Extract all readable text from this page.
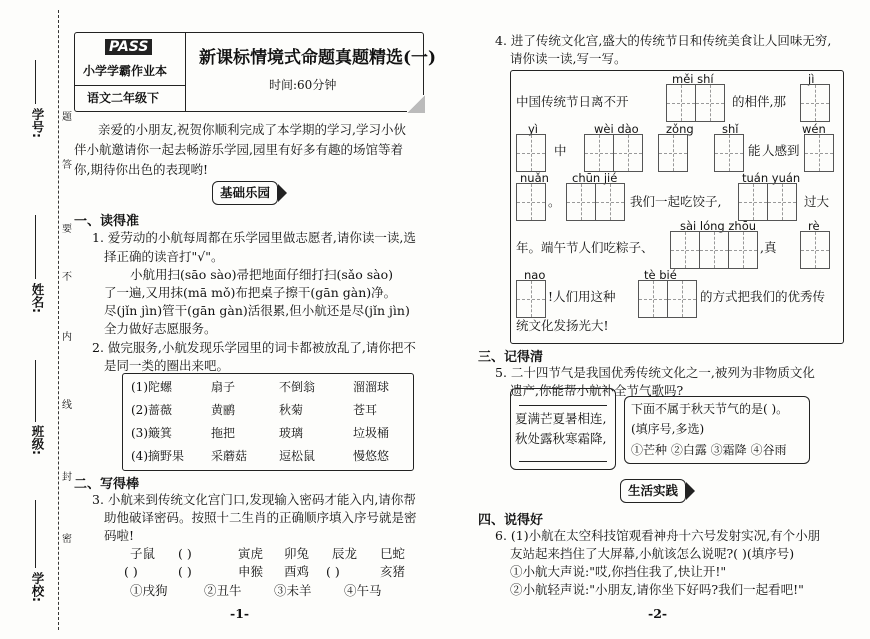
学号:
姓名:
班级:
学校:
题
答
要
不
内
线
封
密
PASS
小学学霸作业本
语文二年级下
新课标情境式命题真题精选(一)
时间:60分钟
亲爱的小朋友,祝贺你顺利完成了本学期的学习,学习小伙
伴小航邀请你一起去畅游乐学园,园里有好多有趣的场馆等着
你,期待你出色的表现哟!
基础乐园
一、读得准
1. 爱劳动的小航每周都在乐学园里做志愿者,请你读一读,选
择正确的读音打"√"。
小航用扫(sāo sào)帚把地面仔细打扫(sǎo sào)
了一遍,又用抹(mā mǒ)布把桌子擦干(gān gàn)净。
尽(jǐn jìn)管干(gān gàn)活很累,但小航还是尽(jǐn jìn)
全力做好志愿服务。
2. 做完服务,小航发现乐学园里的词卡都被放乱了,请你把不
是同一类的圈出来吧。
(1)陀螺	扇子	不倒翁	溜溜球
(2)蔷薇	黄鹂	秋菊	苍耳
(3)簸箕	拖把	玻璃	垃圾桶
(4)摘野果	采蘑菇	逗松鼠	慢悠悠
二、写得棒
3. 小航来到传统文化宫门口,发现输入密码才能入内,请你帮
助他破译密码。按照十二生肖的正确顺序填入序号就是密
码啦!
子鼠 ( )	寅虎 卯兔 辰龙 巳蛇
( )	( )	申猴 酉鸡 ( )	亥猪
①戌狗	②丑牛	③未羊	④午马
-1-
4. 进了传统文化宫,盛大的传统节日和传统美食让人回味无穷,
请你读一读,写一写。
měi shí	jì
中国传统节日离不开	的相伴,那
yì	wèi dào zǒng shǐ	wén
中	能 人感到
nuǎn chūn jié	tuán yuán
。	我们一起吃饺子,	过大
sài lóng zhōu	rè
年。端午节人们吃粽子、	,真
nao	tè bié
!人们用这种	的方式把我们的优秀传
统文化发扬光大!
三、记得清
5. 二十四节气是我国优秀传统文化之一,被列为非物质文化
遗产,你能帮小航补全节气歌吗?
夏满芒夏暑相连,
秋处露秋寒霜降,
下面不属于秋天节气的是( )。
(填序号,多选)
①芒种 ②白露 ③霜降 ④谷雨
生活实践
四、说得好
6. (1)小航在太空科技馆观看神舟十六号发射实况,有个小朋
友站起来挡住了大屏幕,小航该怎么说呢?( )(填序号)
①小航大声说:"哎,你挡住我了,快让开!"
②小航轻声说:"小朋友,请你坐下好吗?我们一起看吧!"
-2-
